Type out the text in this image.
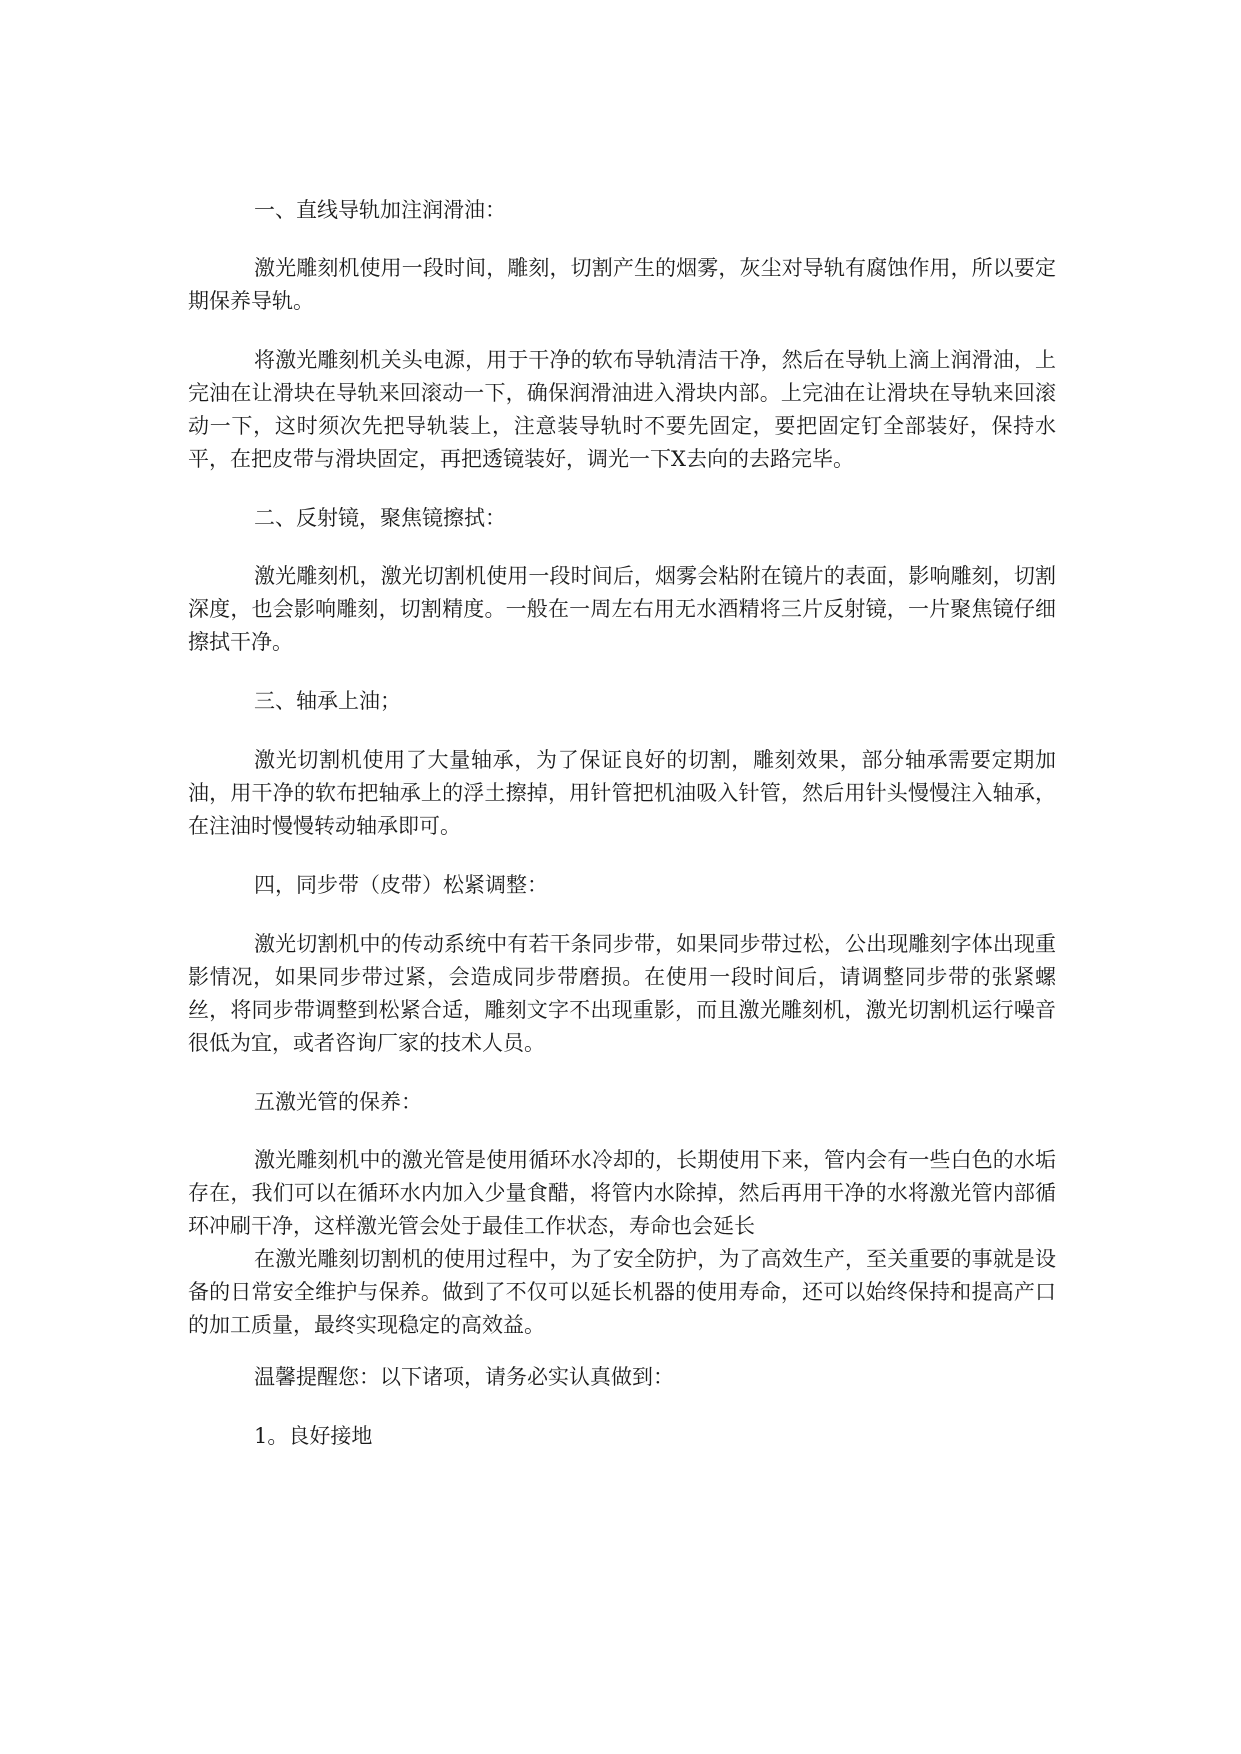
一、直线导轨加注润滑油：

激光雕刻机使用一段时间，雕刻，切割产生的烟雾，灰尘对导轨有腐蚀作用，所以要定期保养导轨。

将激光雕刻机关头电源，用于干净的软布导轨清洁干净，然后在导轨上滴上润滑油，上完油在让滑块在导轨来回滚动一下，确保润滑油进入滑块内部。上完油在让滑块在导轨来回滚动一下，这时须次先把导轨装上，注意装导轨时不要先固定，要把固定钉全部装好，保持水平，在把皮带与滑块固定，再把透镜装好，调光一下X去向的去路完毕。

二、反射镜，聚焦镜擦拭：

激光雕刻机，激光切割机使用一段时间后，烟雾会粘附在镜片的表面，影响雕刻，切割深度，也会影响雕刻，切割精度。一般在一周左右用无水酒精将三片反射镜，一片聚焦镜仔细擦拭干净。

三、轴承上油；

激光切割机使用了大量轴承，为了保证良好的切割，雕刻效果，部分轴承需要定期加油，用干净的软布把轴承上的浮土擦掉，用针管把机油吸入针管，然后用针头慢慢注入轴承，在注油时慢慢转动轴承即可。

四，同步带（皮带）松紧调整：

激光切割机中的传动系统中有若干条同步带，如果同步带过松，公出现雕刻字体出现重影情况，如果同步带过紧，会造成同步带磨损。在使用一段时间后，请调整同步带的张紧螺丝，将同步带调整到松紧合适，雕刻文字不出现重影，而且激光雕刻机，激光切割机运行噪音很低为宜，或者咨询厂家的技术人员。

五激光管的保养：

激光雕刻机中的激光管是使用循环水冷却的，长期使用下来，管内会有一些白色的水垢存在，我们可以在循环水内加入少量食醋，将管内水除掉，然后再用干净的水将激光管内部循环冲刷干净，这样激光管会处于最佳工作状态，寿命也会延长

在激光雕刻切割机的使用过程中，为了安全防护，为了高效生产，至关重要的事就是设备的日常安全维护与保养。做到了不仅可以延长机器的使用寿命，还可以始终保持和提高产口的加工质量，最终实现稳定的高效益。

温馨提醒您：以下诸项，请务必实认真做到：

1。良好接地
